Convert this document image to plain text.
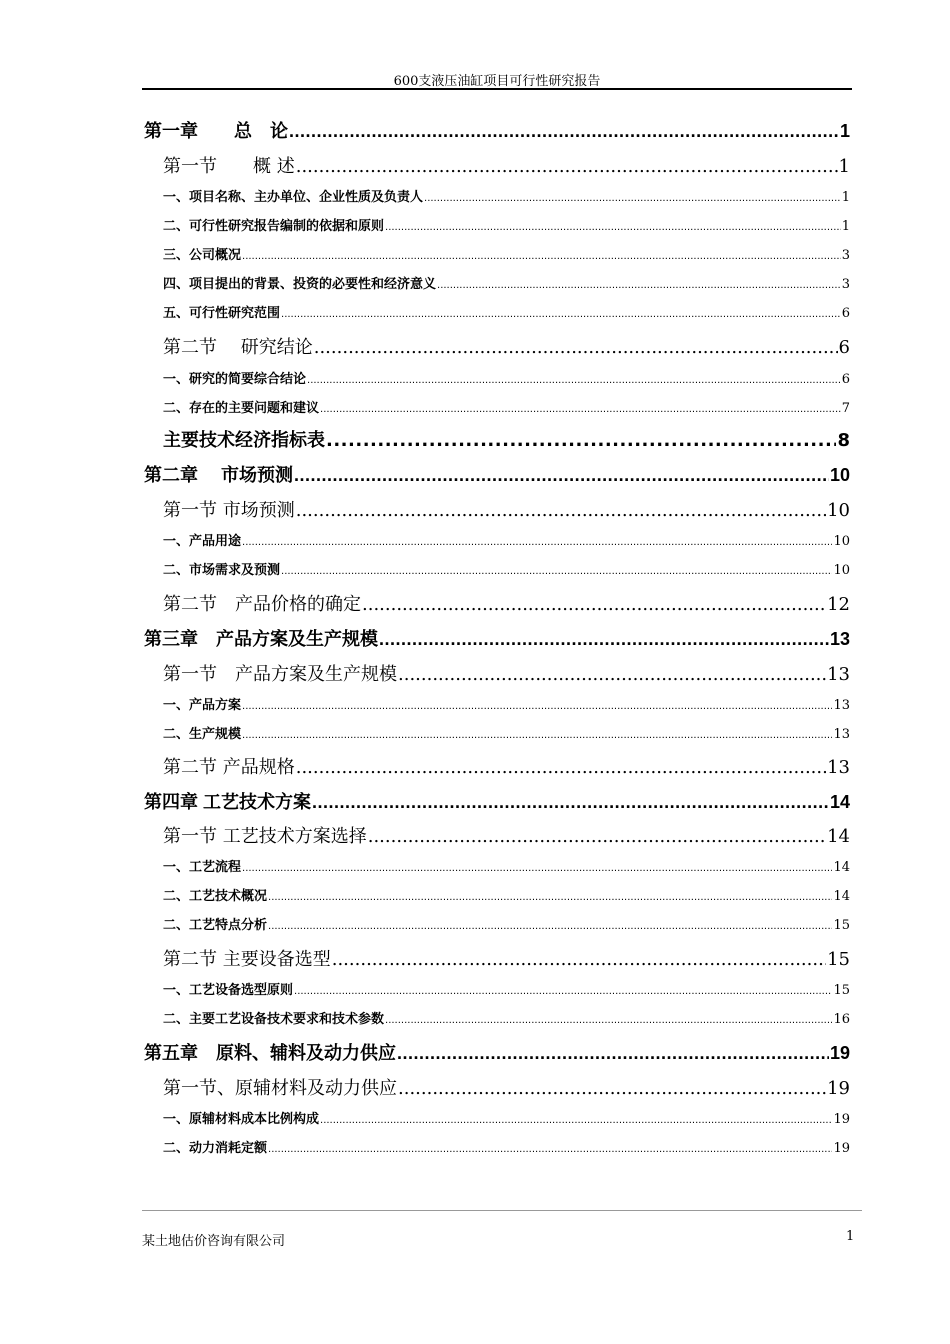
600支液压油缸项目可行性研究报告
第一章　　总　论 .....	1
第一节　　概 述 .....	1
一、项目名称、主办单位、企业性质及负责人 .....	1
二、可行性研究报告编制的依据和原则 .....	1
三、公司概况 .....	3
四、项目提出的背景、投资的必要性和经济意义 .....	3
五、可行性研究范围 .....	6
第二节　 研究结论 .....	6
一、研究的简要综合结论 .....	6
二、存在的主要问题和建议 .....	7
主要技术经济指标表 .....	8
第二章　 市场预测 .....	10
第一节 市场预测 .....	10
一、产品用途 .....	10
二、市场需求及预测 .....	10
第二节　产品价格的确定 .....	12
第三章　产品方案及生产规模 .....	13
第一节　产品方案及生产规模 .....	13
一、产品方案 .....	13
二、生产规模 .....	13
第二节 产品规格 .....	13
第四章 工艺技术方案 .....	14
第一节 工艺技术方案选择 .....	14
一、工艺流程 .....	14
二、工艺技术概况 .....	14
二、工艺特点分析 .....	15
第二节 主要设备选型 .....	15
一、工艺设备选型原则 .....	15
二、主要工艺设备技术要求和技术参数 .....	16
第五章　原料、辅料及动力供应 .....	19
第一节、原辅材料及动力供应 .....	19
一、原辅材料成本比例构成 .....	19
二、动力消耗定额 .....	19
某土地估价咨询有限公司	1
